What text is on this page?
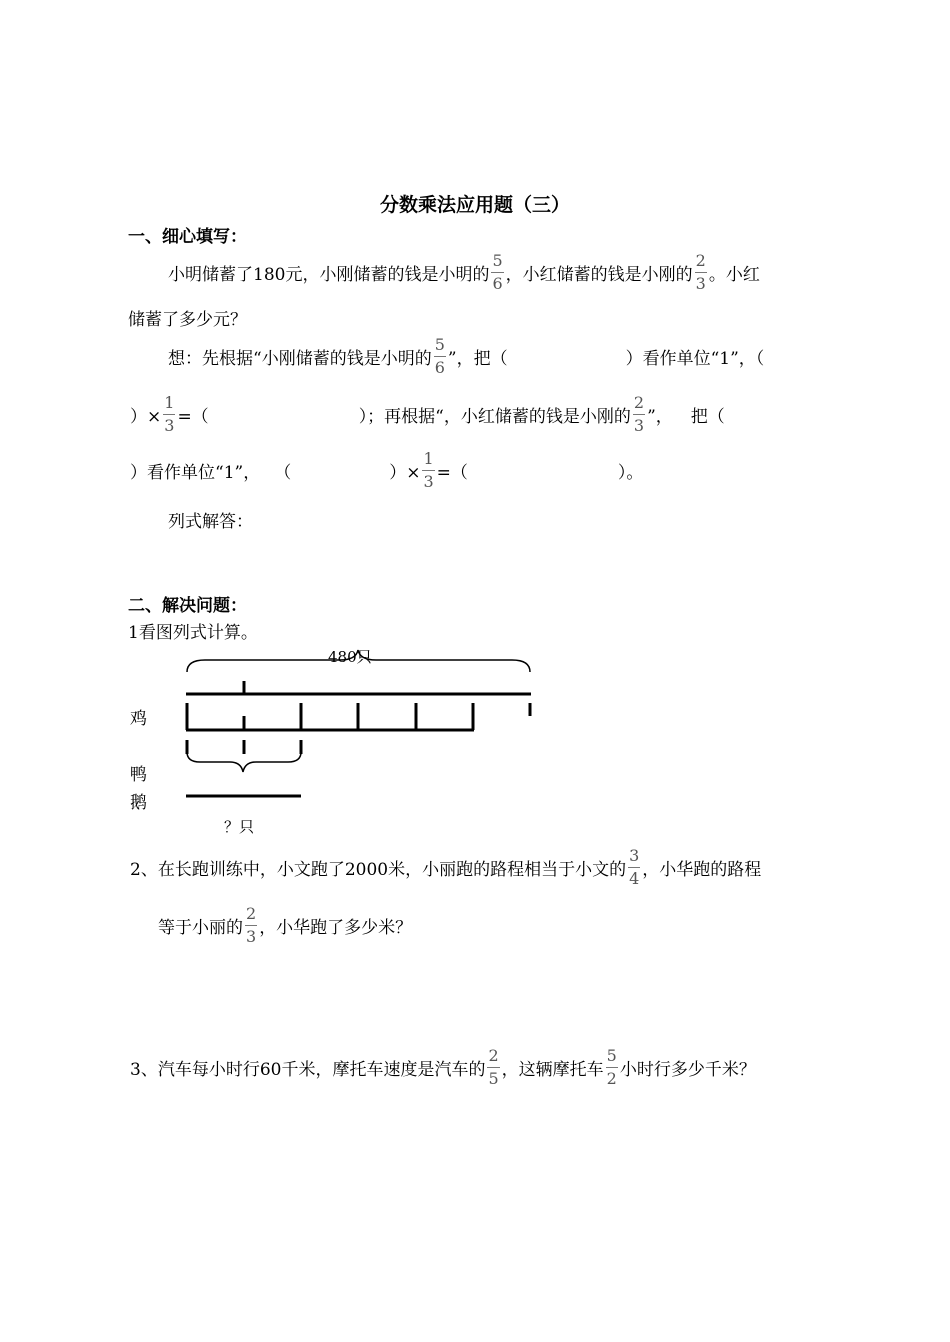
分数乘法应用题（三）
一、细心填写：
小明储蓄了180元，小刚储蓄的钱是小明的 $\frac{5}{6}$ ，小红储蓄的钱是小刚的 $\frac{2}{3}$ 。小红
储蓄了多少元？
想：先根据“小刚储蓄的钱是小明的 $\frac{5}{6}$ ”，把（	）看作单位“1”，（
）× $\frac{1}{3}$ =（	）；再根据“，小红储蓄的钱是小刚的 $\frac{2}{3}$ ”， 把（
）看作单位“1”， （	）× $\frac{1}{3}$ =（	）。
列式解答：
二、解决问题：
1看图列式计算。
480只
鸡
鸭
鹅
？只
2、在长跑训练中，小文跑了2000米，小丽跑的路程相当于小文的 $\frac{3}{4}$ ，小华跑的路程
等于小丽的 $\frac{2}{3}$ ，小华跑了多少米？
3、汽车每小时行60千米，摩托车速度是汽车的 $\frac{2}{5}$ ，这辆摩托车 $\frac{5}{2}$ 小时行多少千米？
